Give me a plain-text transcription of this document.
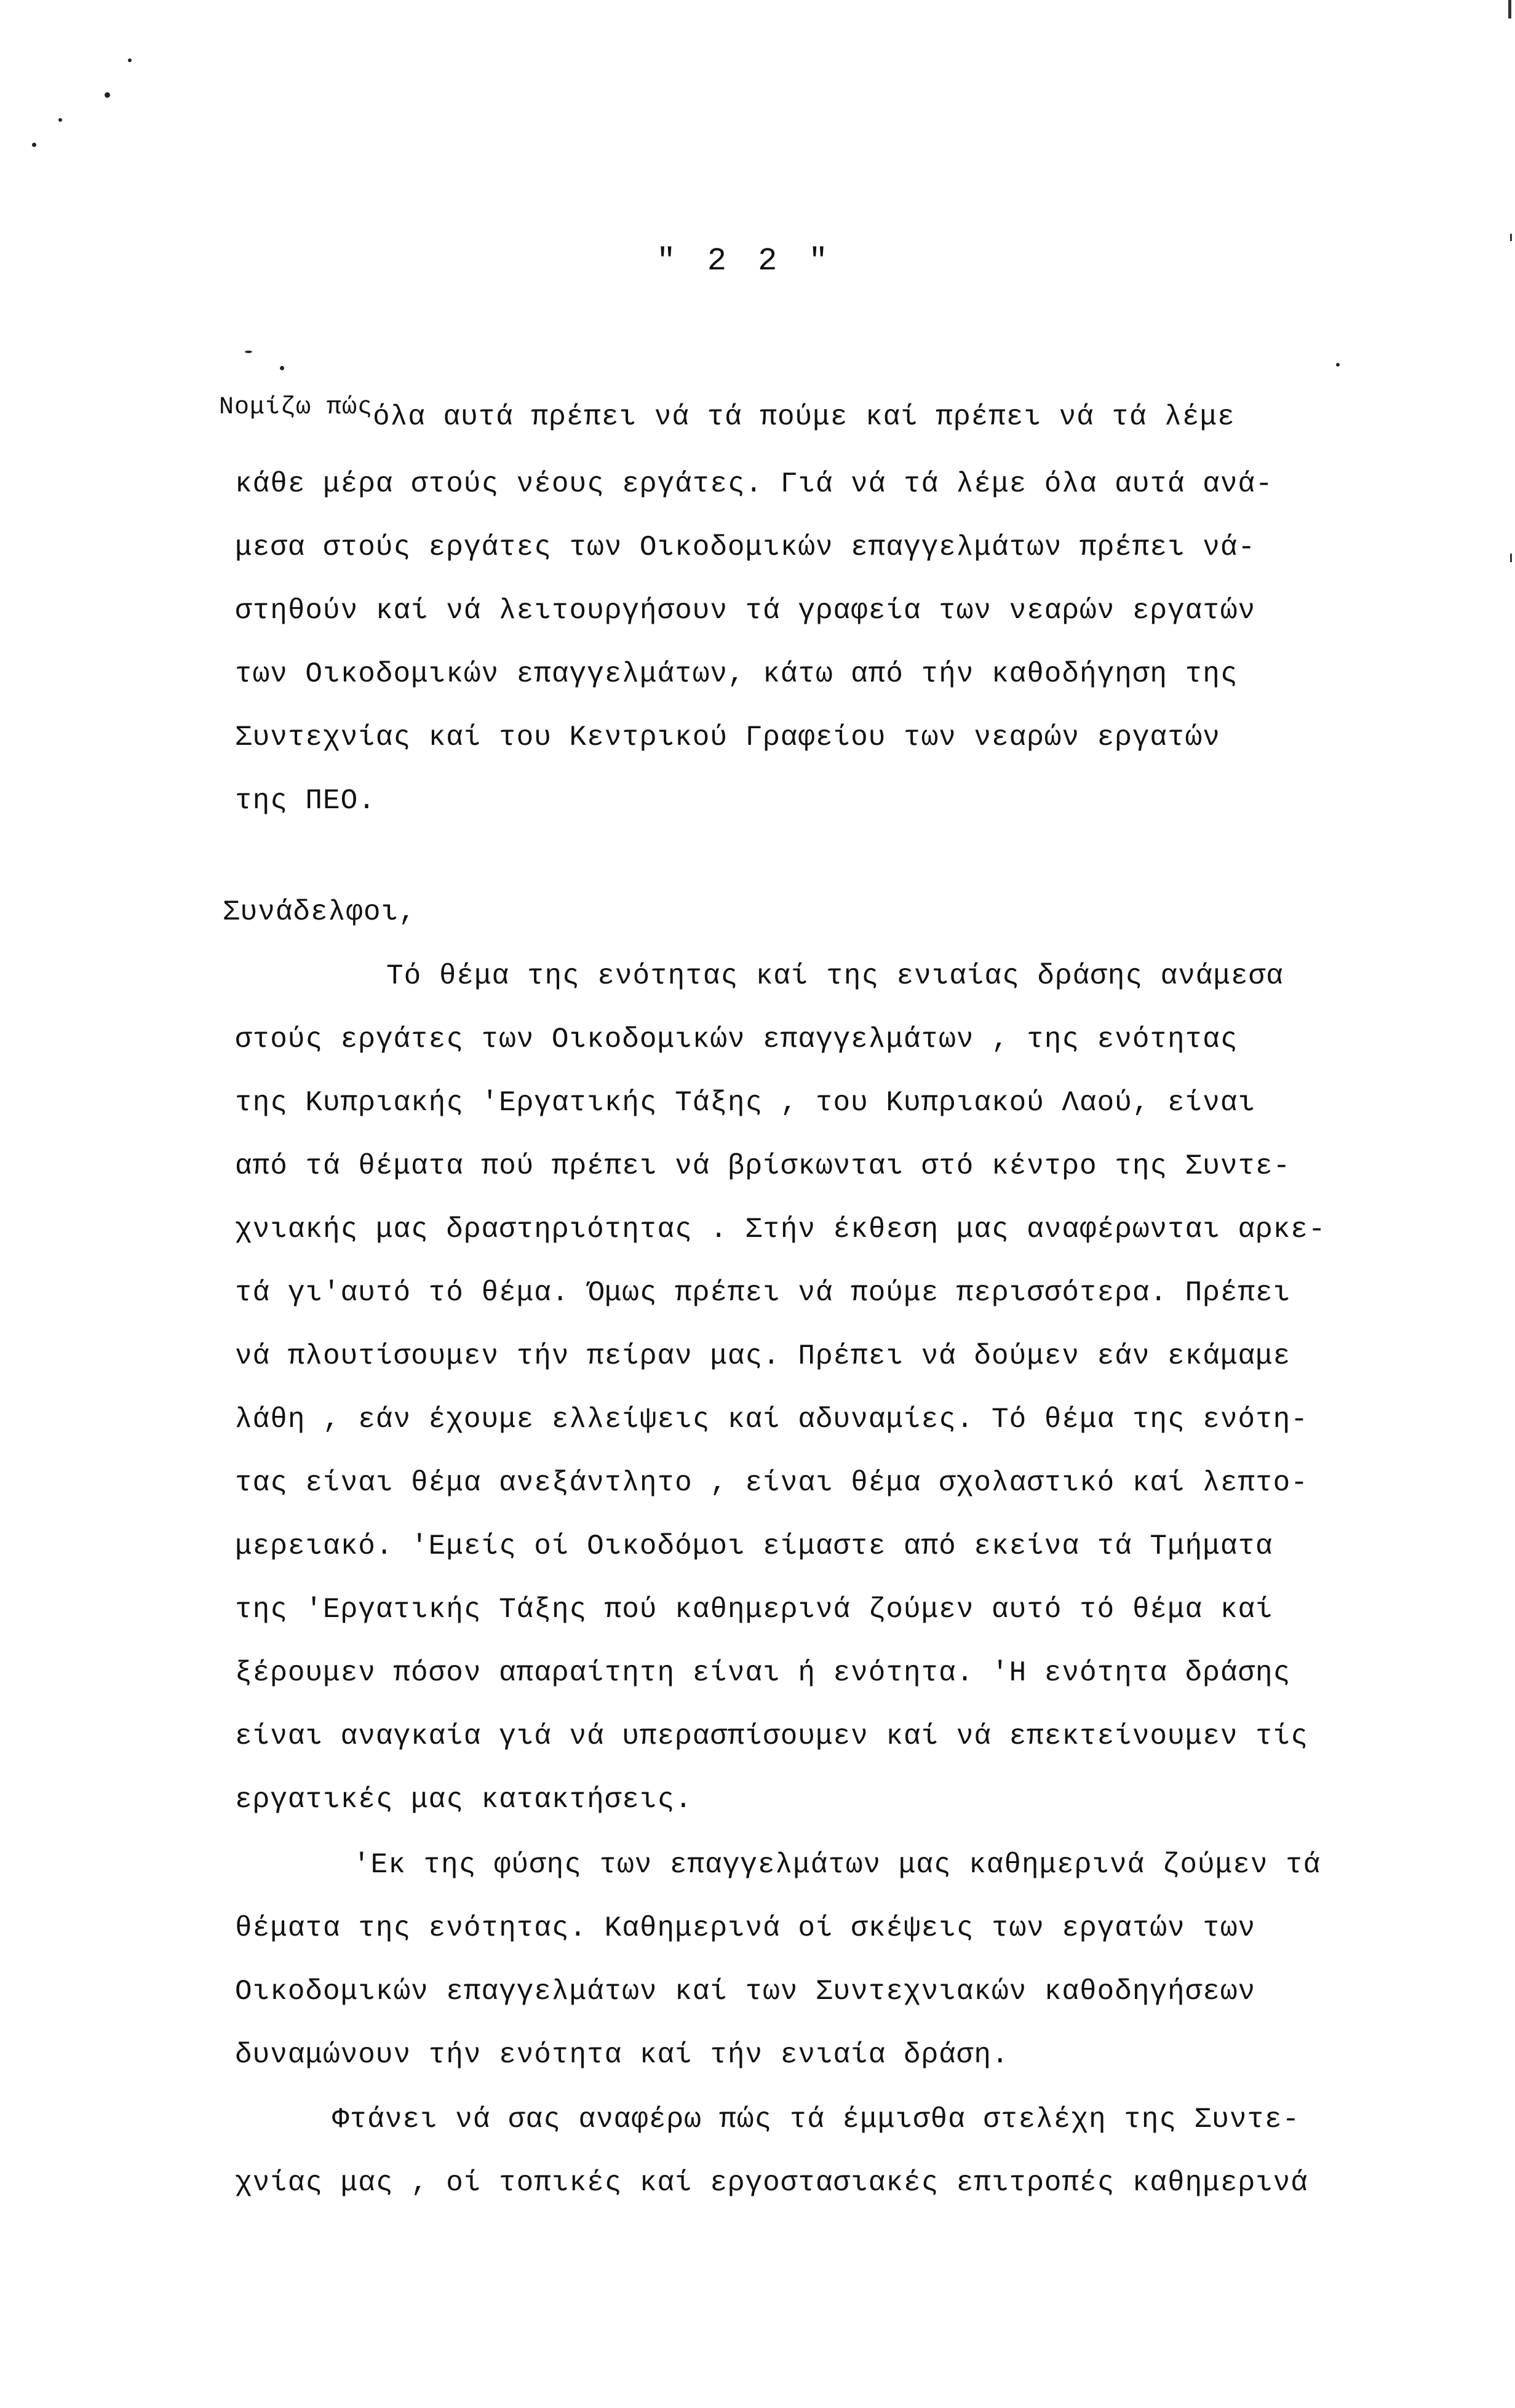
" 2 2 "
Νομίζω πώςόλα αυτά πρέπει νά τά πούμε καί πρέπει νά τά λέμε
κάθε μέρα στούς νέους εργάτες. Γιά νά τά λέμε όλα αυτά ανά-
μεσα στούς εργάτες των Οικοδομικών επαγγελμάτων πρέπει νά-
στηθούν καί νά λειτουργήσουν τά γραφεία των νεαρών εργατών
των Οικοδομικών επαγγελμάτων, κάτω από τήν καθοδήγηση της
Συντεχνίας καί του Κεντρικού Γραφείου των νεαρών εργατών
της ΠΕΟ.
Συνάδελφοι,
Τό θέμα της ενότητας καί της ενιαίας δράσης ανάμεσα
στούς εργάτες των Οικοδομικών επαγγελμάτων , της ενότητας
της Κυπριακής 'Εργατικής Τάξης , του Κυπριακού Λαού, είναι
από τά θέματα πού πρέπει νά βρίσκωνται στό κέντρο της Συντε-
χνιακής μας δραστηριότητας . Στήν έκθεση μας αναφέρωνται αρκε-
τά γι'αυτό τό θέμα. Όμως πρέπει νά πούμε περισσότερα. Πρέπει
νά πλουτίσουμεν τήν πείραν μας. Πρέπει νά δούμεν εάν εκάμαμε
λάθη , εάν έχουμε ελλείψεις καί αδυναμίες. Τό θέμα της ενότη-
τας είναι θέμα ανεξάντλητο , είναι θέμα σχολαστικό καί λεπτο-
μερειακό. 'Εμείς οί Οικοδόμοι είμαστε από εκείνα τά Τμήματα
της 'Εργατικής Τάξης πού καθημερινά ζούμεν αυτό τό θέμα καί
ξέρουμεν πόσον απαραίτητη είναι ή ενότητα. 'Η ενότητα δράσης
είναι αναγκαία γιά νά υπερασπίσουμεν καί νά επεκτείνουμεν τίς
εργατικές μας κατακτήσεις.
'Εκ της φύσης των επαγγελμάτων μας καθημερινά ζούμεν τά
θέματα της ενότητας. Καθημερινά οί σκέψεις των εργατών των
Οικοδομικών επαγγελμάτων καί των Συντεχνιακών καθοδηγήσεων
δυναμώνουν τήν ενότητα καί τήν ενιαία δράση.
Φτάνει νά σας αναφέρω πώς τά έμμισθα στελέχη της Συντε-
χνίας μας , οί τοπικές καί εργοστασιακές επιτροπές καθημερινά
